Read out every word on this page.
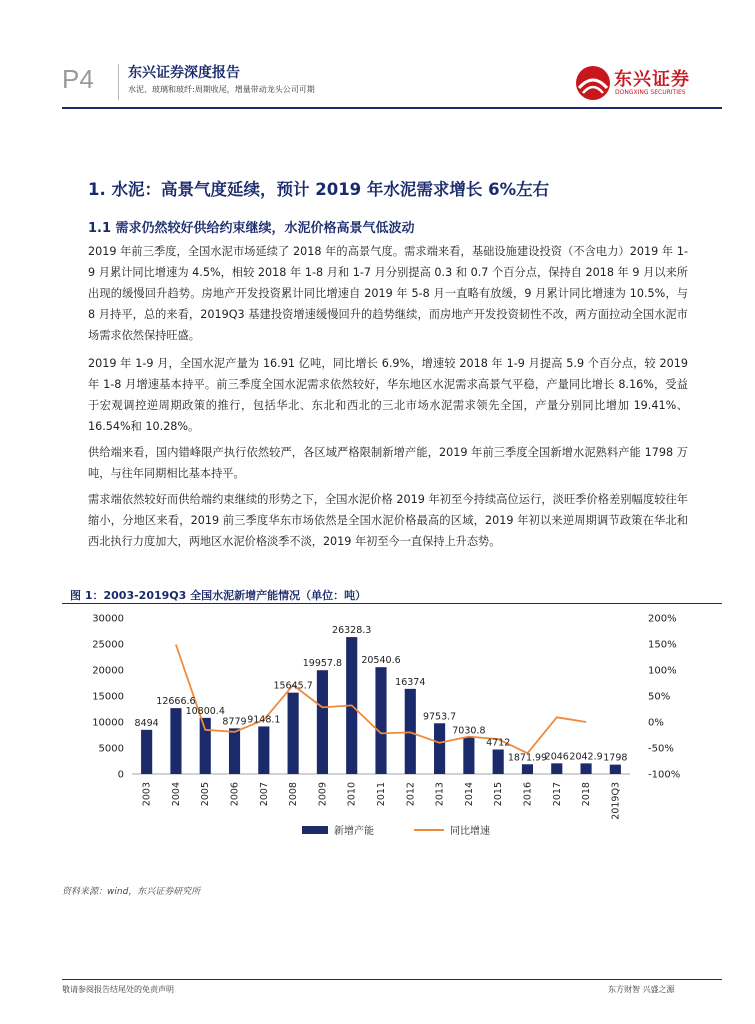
P4 东兴证券深度报告
水泥、玻璃和玻纤:周期收尾，增量带动龙头公司可期	东兴证券
DONGXING SECURITIES
1. 水泥：高景气度延续，预计 2019 年水泥需求增长 6%左右
1.1 需求仍然较好供给约束继续，水泥价格高景气低波动

2019 年前三季度，全国水泥市场延续了 2018 年的高景气度。需求端来看，基础设施建设投资（不含电力）2019 年 1-9 月累计同比增速为 4.5%，相较 2018 年 1-8 月和 1-7 月分别提高 0.3 和 0.7 个百分点，保持自 2018 年 9 月以来所出现的缓慢回升趋势。房地产开发投资累计同比增速自 2019 年 5-8 月一直略有放缓，9 月累计同比增速为 10.5%，与 8 月持平，总的来看，2019Q3 基建投资增速缓慢回升的趋势继续，而房地产开发投资韧性不改，两方面拉动全国水泥市场需求依然保持旺盛。

2019 年 1-9 月，全国水泥产量为 16.91 亿吨，同比增长 6.9%，增速较 2018 年 1-9 月提高 5.9 个百分点，较 2019 年 1-8 月增速基本持平。前三季度全国水泥需求依然较好，华东地区水泥需求高景气平稳，产量同比增长 8.16%，受益于宏观调控逆周期政策的推行，包括华北、东北和西北的三北市场水泥需求领先全国，产量分别同比增加 19.41%、16.54%和 10.28%。

供给端来看，国内错峰限产执行依然较严，各区域严格限制新增产能，2019 年前三季度全国新增水泥熟料产能 1798 万吨，与往年同期相比基本持平。

需求端依然较好而供给端约束继续的形势之下，全国水泥价格 2019 年初至今持续高位运行，淡旺季价格差别幅度较往年缩小，分地区来看，2019 前三季度华东市场依然是全国水泥价格最高的区域，2019 年初以来逆周期调节政策在华北和西北执行力度加大，两地区水泥价格淡季不淡，2019 年初至今一直保持上升态势。

图 1：2003-2019Q3 全国水泥新增产能情况（单位：吨）
0
5000
10000
15000
20000
25000
30000
-100%
-50%
0%
50%
100%
150%
200%
8494
12666.6
10800.4
8779 9148.1
15645.7
19957.8
26328.3
20540.6
16374
9753.7
7030.8
4712
1871.99
2046 2042.9 1798
2003 2004 2005 2006 2007 2008 2009 2010 2011 2012 2013 2014 2015 2016 2017 2018 2019Q3
新增产能	同比增速
资料来源：wind，东兴证券研究所
敬请参阅报告结尾处的免责声明	东方财智 兴盛之源
